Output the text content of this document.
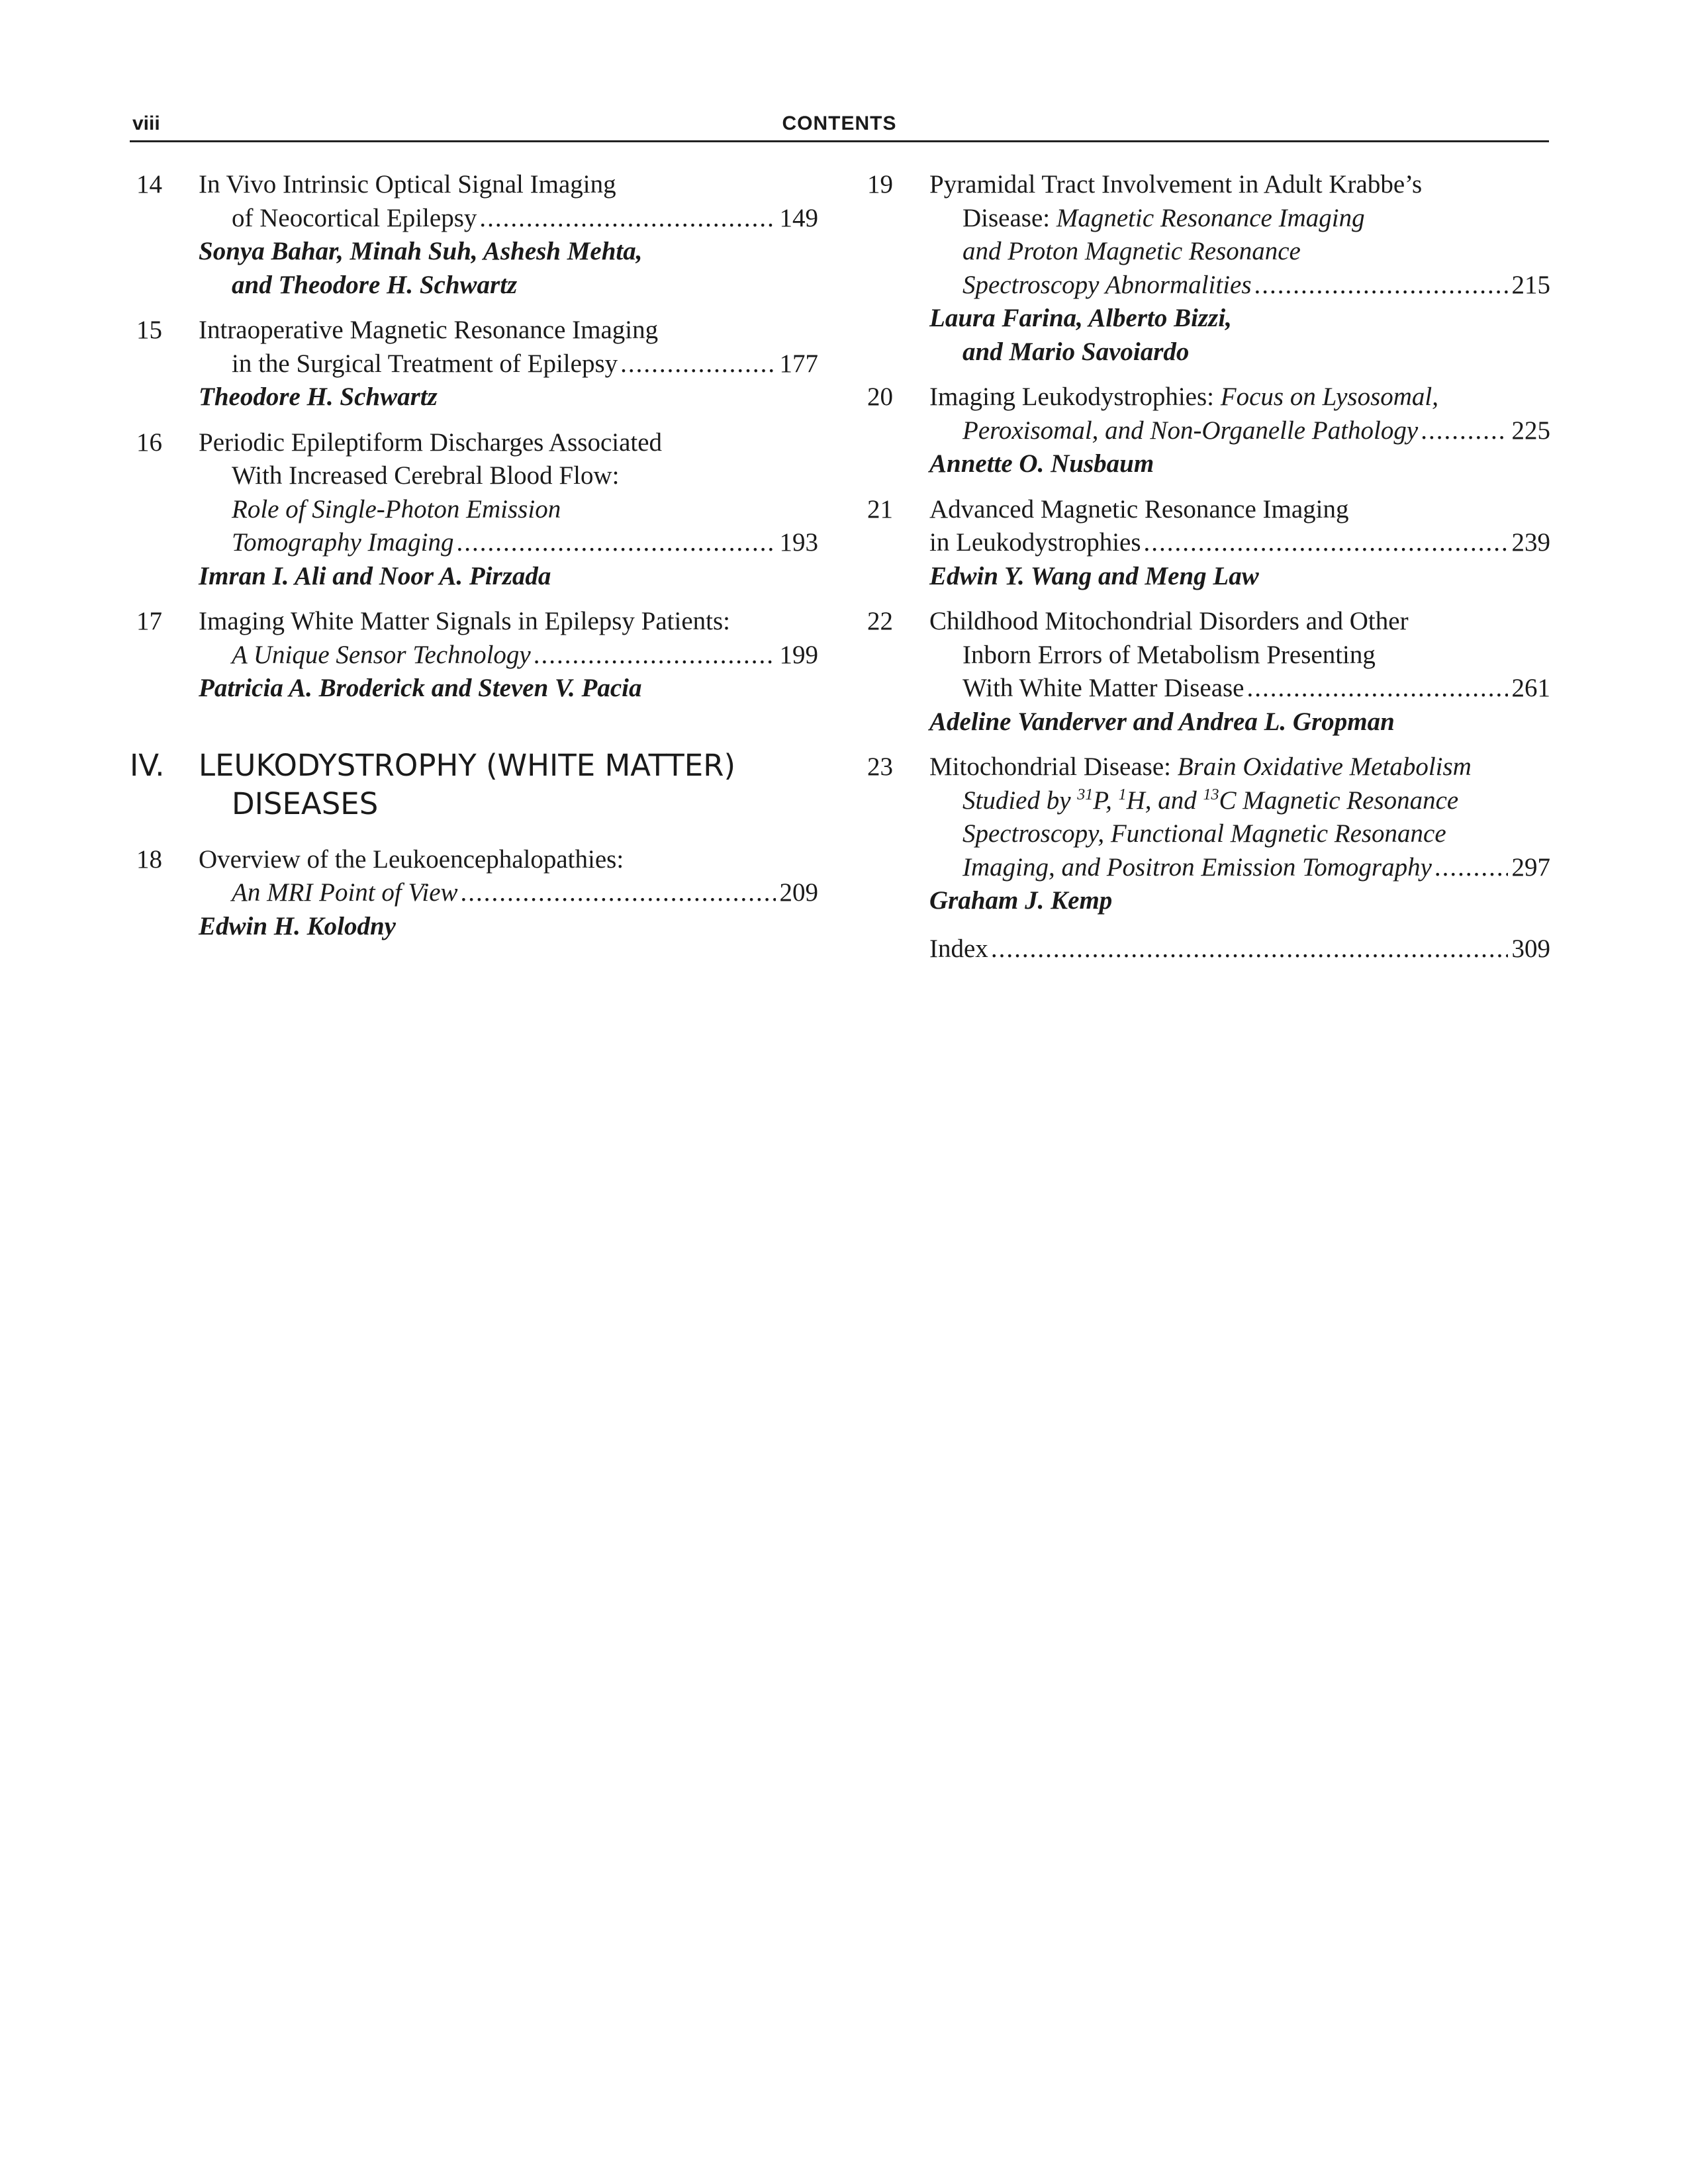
viii	CONTENTS
14 In Vivo Intrinsic Optical Signal Imaging
of Neocortical Epilepsy .....	149
Sonya Bahar, Minah Suh, Ashesh Mehta,
and Theodore H. Schwartz
15 Intraoperative Magnetic Resonance Imaging
in the Surgical Treatment of Epilepsy .....	177
Theodore H. Schwartz
16 Periodic Epileptiform Discharges Associated
With Increased Cerebral Blood Flow:
Role of Single-Photon Emission
Tomography Imaging .....	193
Imran I. Ali and Noor A. Pirzada
17 Imaging White Matter Signals in Epilepsy Patients:
A Unique Sensor Technology .....	199
Patricia A. Broderick and Steven V. Pacia
IV. LEUKODYSTROPHY (WHITE MATTER)
DISEASES
18 Overview of the Leukoencephalopathies:
An MRI Point of View .....	209
Edwin H. Kolodny
19 Pyramidal Tract Involvement in Adult Krabbe’s
Disease: Magnetic Resonance Imaging
and Proton Magnetic Resonance
Spectroscopy Abnormalities .....	215
Laura Farina, Alberto Bizzi,
and Mario Savoiardo
20 Imaging Leukodystrophies: Focus on Lysosomal,
Peroxisomal, and Non-Organelle Pathology .....	225
Annette O. Nusbaum
21 Advanced Magnetic Resonance Imaging
in Leukodystrophies .....	239
Edwin Y. Wang and Meng Law
22 Childhood Mitochondrial Disorders and Other
Inborn Errors of Metabolism Presenting
With White Matter Disease .....	261
Adeline Vanderver and Andrea L. Gropman
23 Mitochondrial Disease: Brain Oxidative Metabolism
Studied by $^{31}$P, $^1$H, and $^{13}$C Magnetic Resonance
Spectroscopy, Functional Magnetic Resonance
Imaging, and Positron Emission Tomography .....	297
Graham J. Kemp
Index .....	309
